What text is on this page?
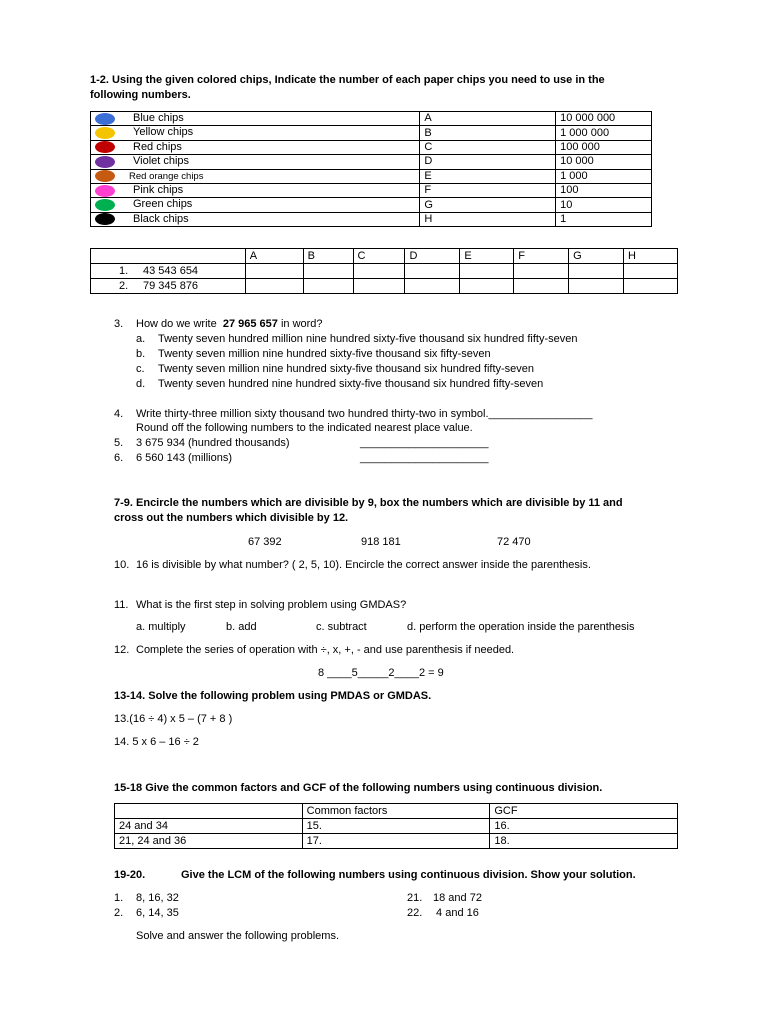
1-2. Using the given colored chips, Indicate the number of each paper chips you need to use in the
following numbers.
Blue chips	A	10 000 000
Yellow chips	B	1 000 000
Red chips	C	100 000
Violet chips	D	10 000
Red orange chips	E	1 000
Pink chips	F	100
Green chips	G	10
Black chips	H	1
	A	B	C	D	E	F	G	H
1. 43 543 654								
2. 79 345 876								
3. How do we write 27 965 657 in word?
a. Twenty seven hundred million nine hundred sixty-five thousand six hundred fifty-seven
b. Twenty seven million nine hundred sixty-five thousand six fifty-seven
c. Twenty seven million nine hundred sixty-five thousand six hundred fifty-seven
d. Twenty seven hundred nine hundred sixty-five thousand six hundred fifty-seven
4. Write thirty-three million sixty thousand two hundred thirty-two in symbol._________________
Round off the following numbers to the indicated nearest place value.
5. 3 675 934 (hundred thousands)	_____________________
6. 6 560 143 (millions)	_____________________
7-9. Encircle the numbers which are divisible by 9, box the numbers which are divisible by 11 and
cross out the numbers which divisible by 12.
67 392	918 181	72 470
10. 16 is divisible by what number? ( 2, 5, 10). Encircle the correct answer inside the parenthesis.
11. What is the first step in solving problem using GMDAS?
a. multiply	b. add	c. subtract	d. perform the operation inside the parenthesis
12. Complete the series of operation with ÷, x, +, - and use parenthesis if needed.
8 ____5_____2____2 = 9
13-14. Solve the following problem using PMDAS or GMDAS.
13.(16 ÷ 4) x 5 – (7 + 8 )
14. 5 x 6 – 16 ÷ 2
15-18 Give the common factors and GCF of the following numbers using continuous division.
	Common factors	GCF
24 and 34	15.	16.
21, 24 and 36	17.	18.
19-20.	Give the LCM of the following numbers using continuous division. Show your solution.
1. 8, 16, 32
2. 6, 14, 35
21. 18 and 72
22. 4 and 16
Solve and answer the following problems.
